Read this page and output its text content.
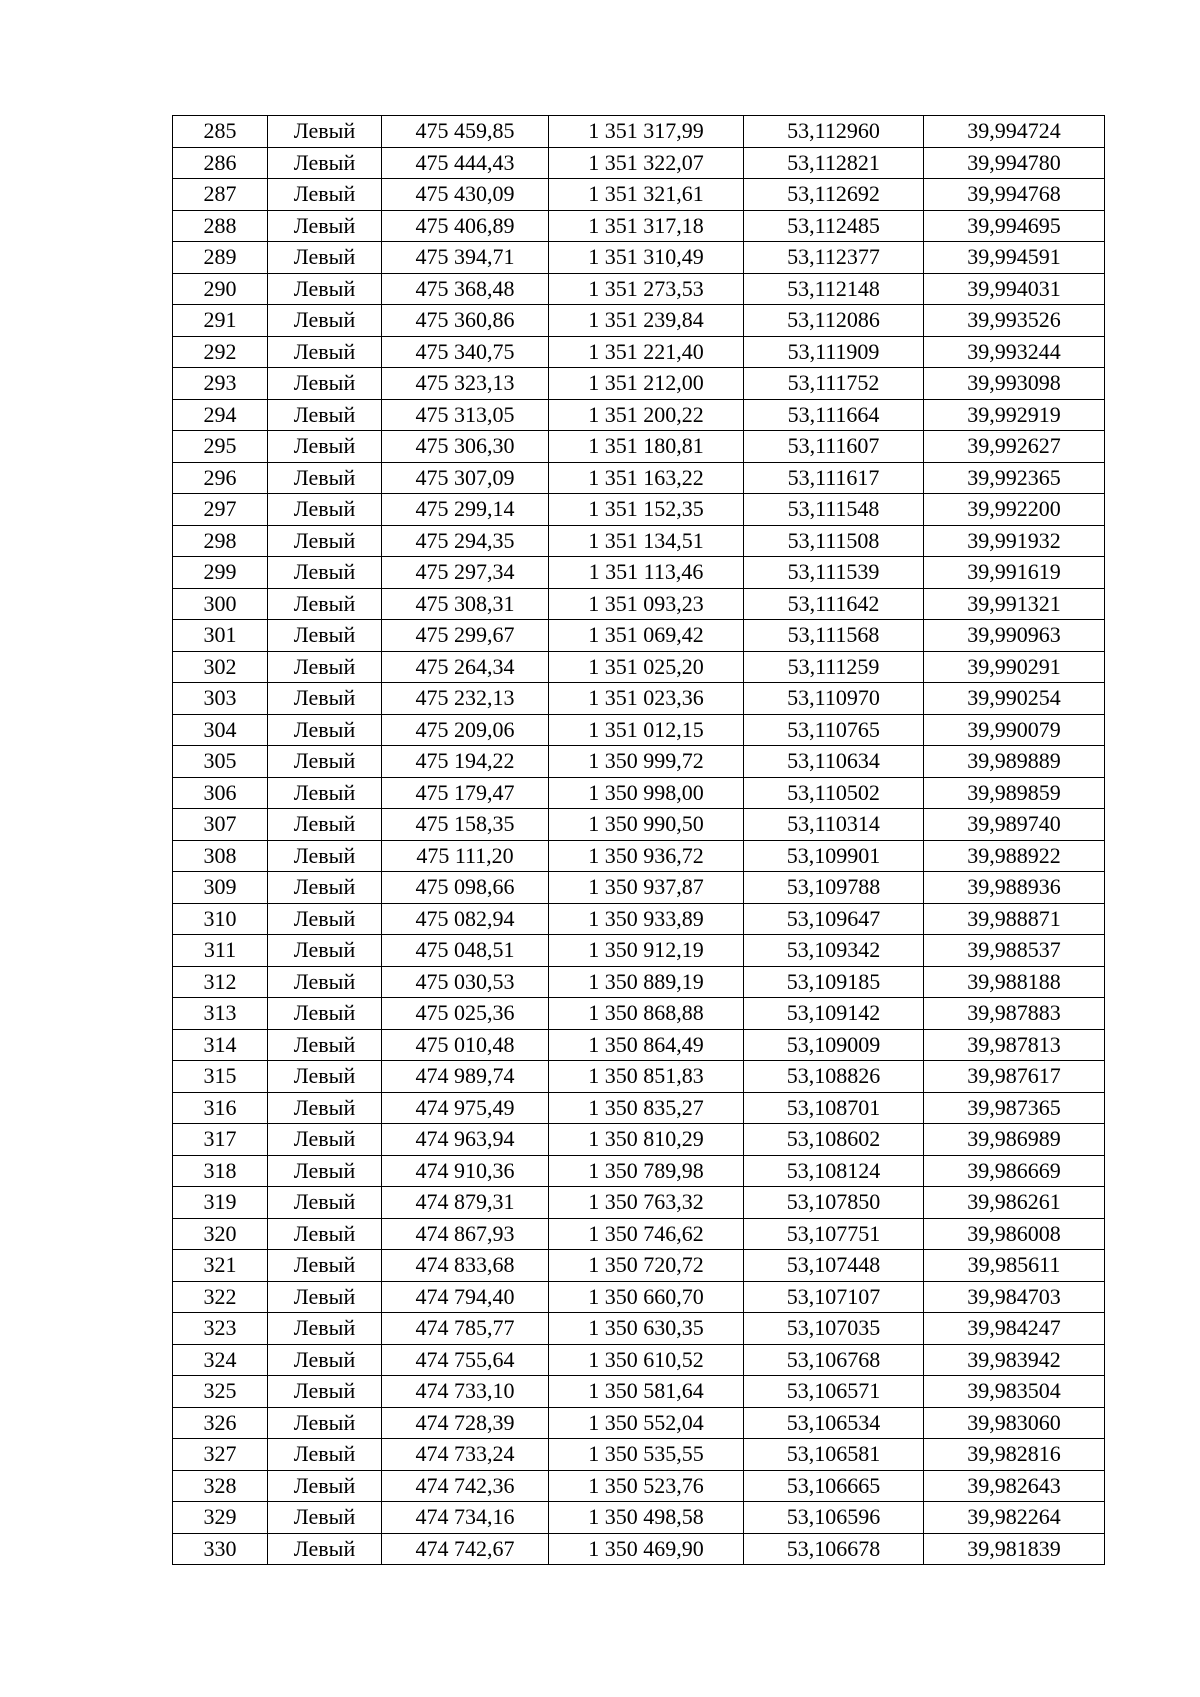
285	Левый	475 459,85	1 351 317,99	53,112960	39,994724
286	Левый	475 444,43	1 351 322,07	53,112821	39,994780
287	Левый	475 430,09	1 351 321,61	53,112692	39,994768
288	Левый	475 406,89	1 351 317,18	53,112485	39,994695
289	Левый	475 394,71	1 351 310,49	53,112377	39,994591
290	Левый	475 368,48	1 351 273,53	53,112148	39,994031
291	Левый	475 360,86	1 351 239,84	53,112086	39,993526
292	Левый	475 340,75	1 351 221,40	53,111909	39,993244
293	Левый	475 323,13	1 351 212,00	53,111752	39,993098
294	Левый	475 313,05	1 351 200,22	53,111664	39,992919
295	Левый	475 306,30	1 351 180,81	53,111607	39,992627
296	Левый	475 307,09	1 351 163,22	53,111617	39,992365
297	Левый	475 299,14	1 351 152,35	53,111548	39,992200
298	Левый	475 294,35	1 351 134,51	53,111508	39,991932
299	Левый	475 297,34	1 351 113,46	53,111539	39,991619
300	Левый	475 308,31	1 351 093,23	53,111642	39,991321
301	Левый	475 299,67	1 351 069,42	53,111568	39,990963
302	Левый	475 264,34	1 351 025,20	53,111259	39,990291
303	Левый	475 232,13	1 351 023,36	53,110970	39,990254
304	Левый	475 209,06	1 351 012,15	53,110765	39,990079
305	Левый	475 194,22	1 350 999,72	53,110634	39,989889
306	Левый	475 179,47	1 350 998,00	53,110502	39,989859
307	Левый	475 158,35	1 350 990,50	53,110314	39,989740
308	Левый	475 111,20	1 350 936,72	53,109901	39,988922
309	Левый	475 098,66	1 350 937,87	53,109788	39,988936
310	Левый	475 082,94	1 350 933,89	53,109647	39,988871
311	Левый	475 048,51	1 350 912,19	53,109342	39,988537
312	Левый	475 030,53	1 350 889,19	53,109185	39,988188
313	Левый	475 025,36	1 350 868,88	53,109142	39,987883
314	Левый	475 010,48	1 350 864,49	53,109009	39,987813
315	Левый	474 989,74	1 350 851,83	53,108826	39,987617
316	Левый	474 975,49	1 350 835,27	53,108701	39,987365
317	Левый	474 963,94	1 350 810,29	53,108602	39,986989
318	Левый	474 910,36	1 350 789,98	53,108124	39,986669
319	Левый	474 879,31	1 350 763,32	53,107850	39,986261
320	Левый	474 867,93	1 350 746,62	53,107751	39,986008
321	Левый	474 833,68	1 350 720,72	53,107448	39,985611
322	Левый	474 794,40	1 350 660,70	53,107107	39,984703
323	Левый	474 785,77	1 350 630,35	53,107035	39,984247
324	Левый	474 755,64	1 350 610,52	53,106768	39,983942
325	Левый	474 733,10	1 350 581,64	53,106571	39,983504
326	Левый	474 728,39	1 350 552,04	53,106534	39,983060
327	Левый	474 733,24	1 350 535,55	53,106581	39,982816
328	Левый	474 742,36	1 350 523,76	53,106665	39,982643
329	Левый	474 734,16	1 350 498,58	53,106596	39,982264
330	Левый	474 742,67	1 350 469,90	53,106678	39,981839
